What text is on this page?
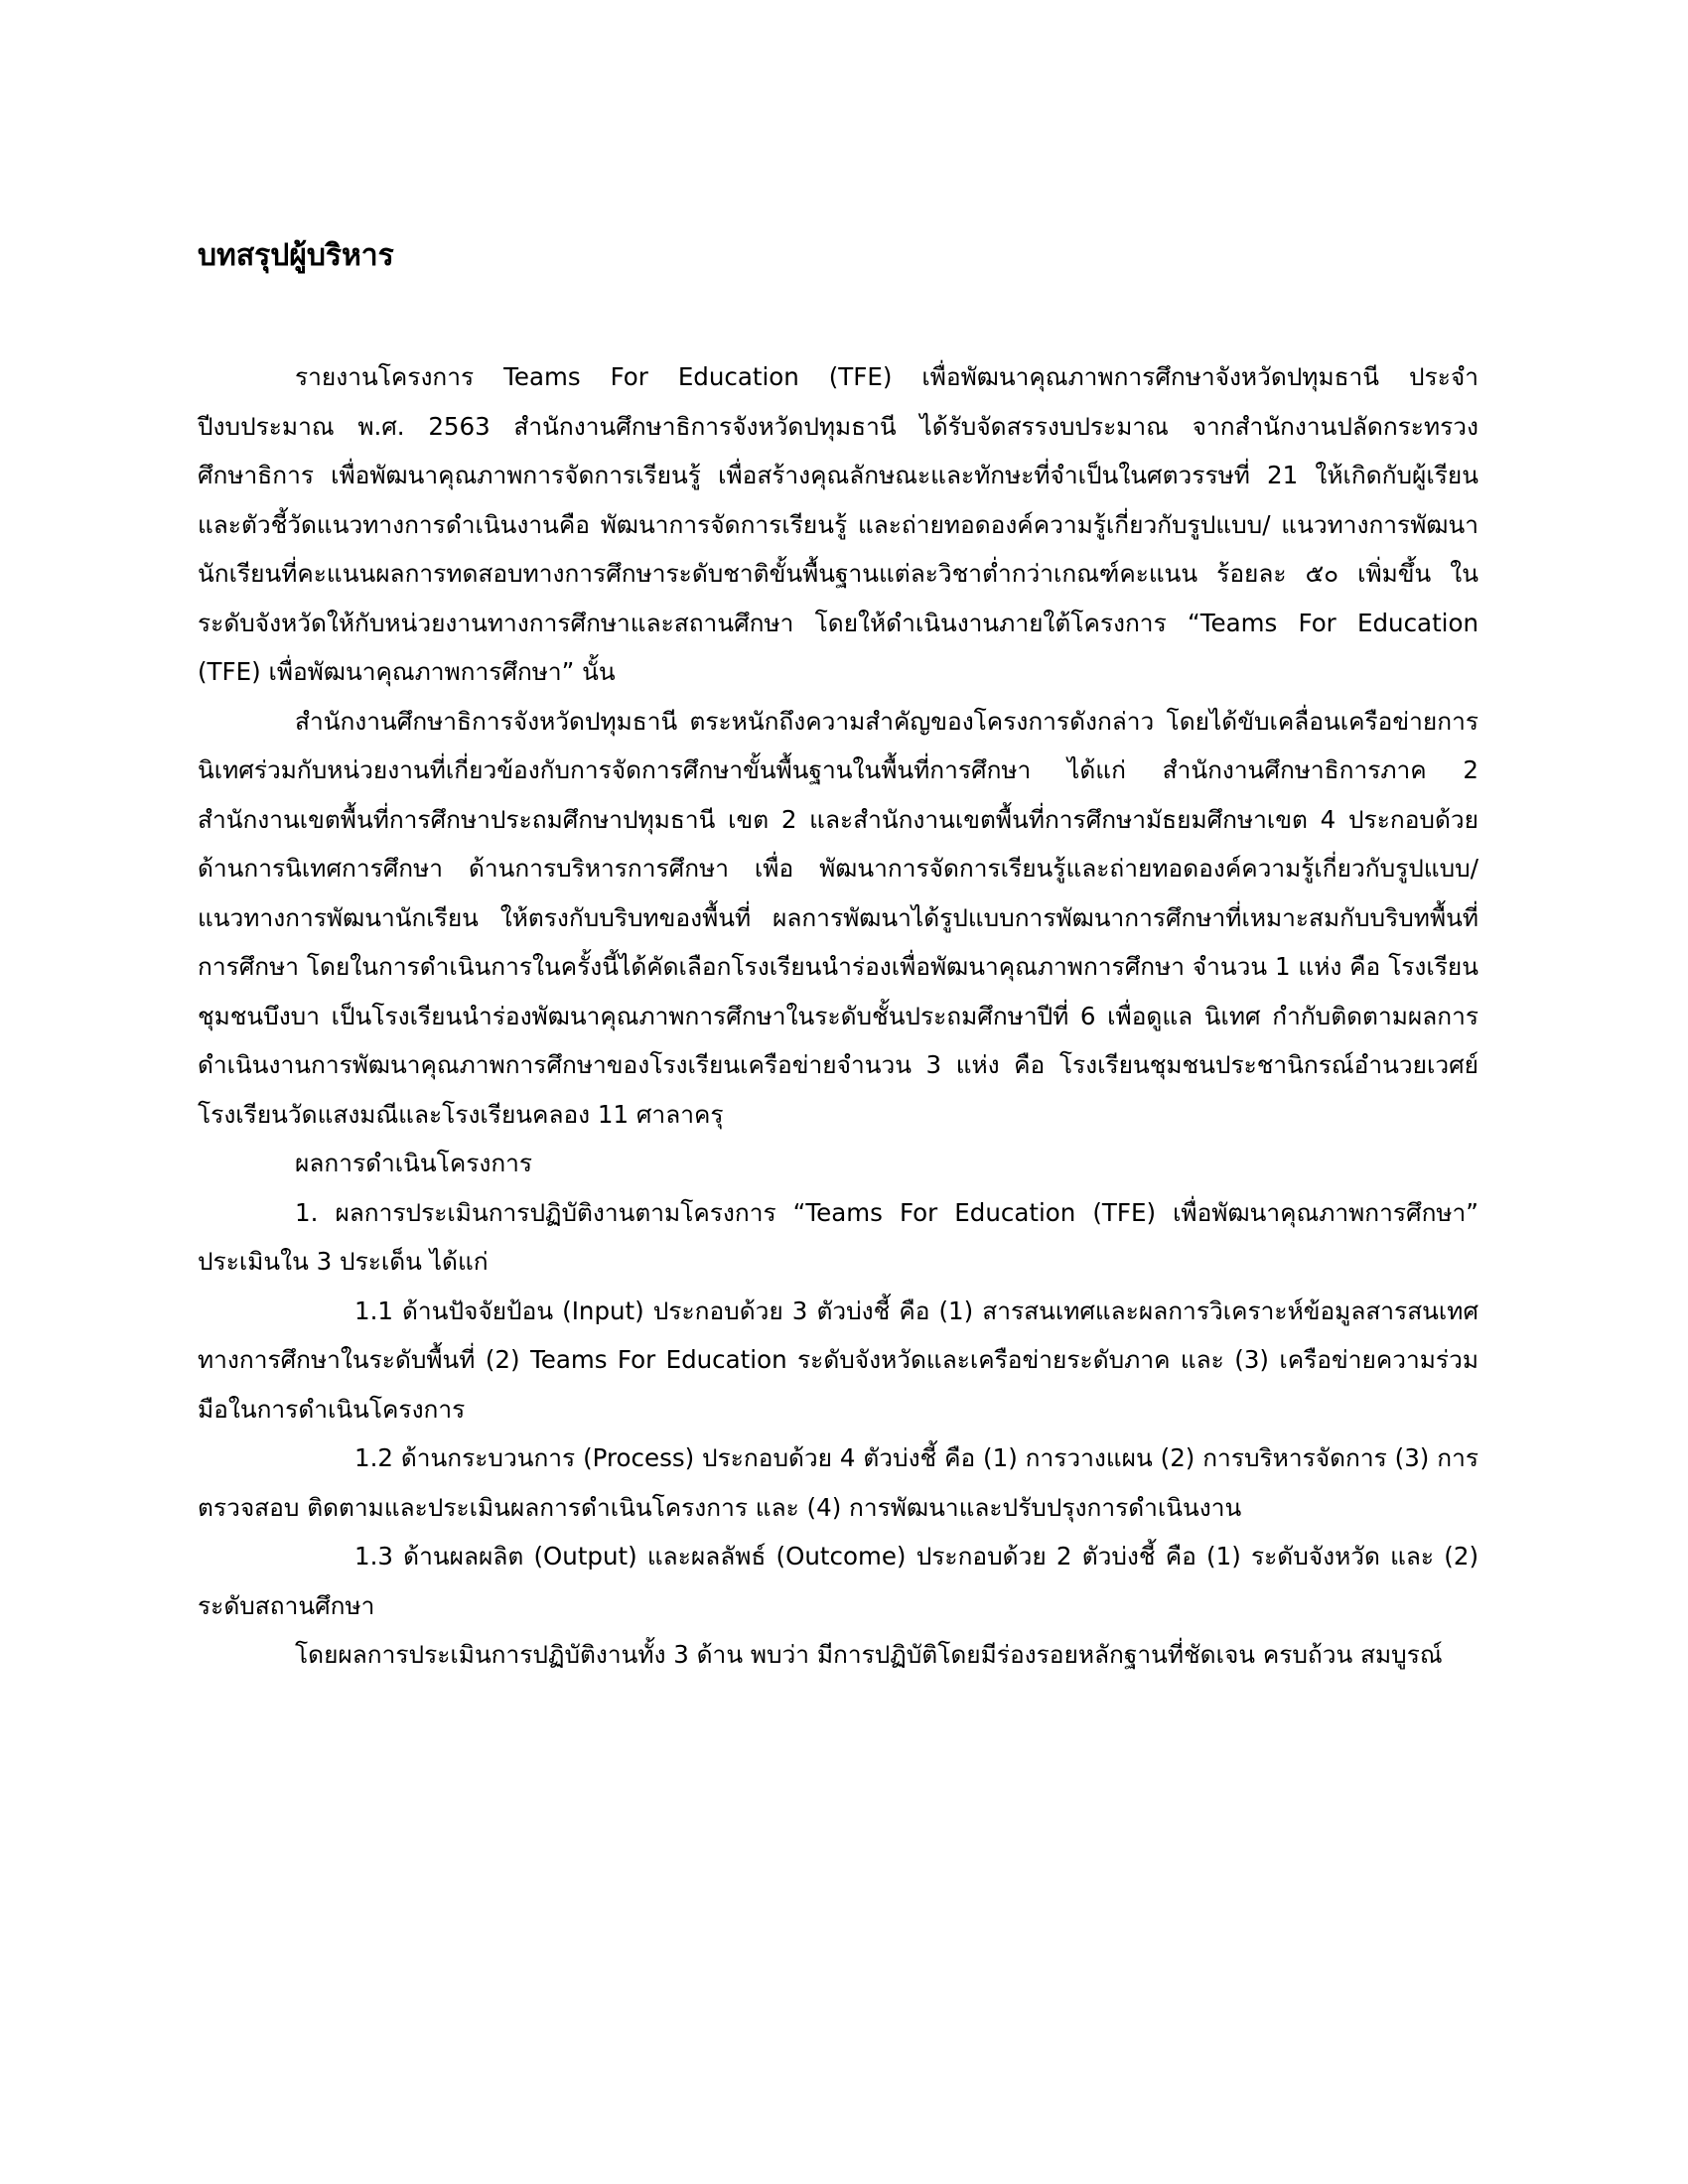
บทสรุปผู้บริหาร

รายงานโครงการ Teams For Education (TFE) เพื่อพัฒนาคุณภาพการศึกษาจังหวัดปทุมธานี ประจำปีงบประมาณ พ.ศ. 2563 สำนักงานศึกษาธิการจังหวัดปทุมธานี ได้รับจัดสรรงบประมาณ จากสำนักงานปลัดกระทรวงศึกษาธิการ เพื่อพัฒนาคุณภาพการจัดการเรียนรู้ เพื่อสร้างคุณลักษณะและทักษะที่จำเป็นในศตวรรษที่ 21 ให้เกิดกับผู้เรียน และตัวชี้วัดแนวทางการดำเนินงานคือ พัฒนาการจัดการเรียนรู้ และถ่ายทอดองค์ความรู้เกี่ยวกับรูปแบบ/ แนวทางการพัฒนานักเรียนที่คะแนนผลการทดสอบทางการศึกษาระดับชาติขั้นพื้นฐานแต่ละวิชาต่ำกว่าเกณฑ์คะแนน ร้อยละ ๕๐ เพิ่มขึ้น ในระดับจังหวัดให้กับหน่วยงานทางการศึกษาและสถานศึกษา โดยให้ดำเนินงานภายใต้โครงการ “Teams For Education (TFE) เพื่อพัฒนาคุณภาพการศึกษา” นั้น

สำนักงานศึกษาธิการจังหวัดปทุมธานี ตระหนักถึงความสำคัญของโครงการดังกล่าว โดยได้ขับเคลื่อนเครือข่ายการนิเทศร่วมกับหน่วยงานที่เกี่ยวข้องกับการจัดการศึกษาขั้นพื้นฐานในพื้นที่การศึกษา ได้แก่ สำนักงานศึกษาธิการภาค 2 สำนักงานเขตพื้นที่การศึกษาประถมศึกษาปทุมธานี เขต 2 และสำนักงานเขตพื้นที่การศึกษามัธยมศึกษาเขต 4 ประกอบด้วย ด้านการนิเทศการศึกษา ด้านการบริหารการศึกษา เพื่อ พัฒนาการจัดการเรียนรู้และถ่ายทอดองค์ความรู้เกี่ยวกับรูปแบบ/ แนวทางการพัฒนานักเรียน ให้ตรงกับบริบทของพื้นที่ ผลการพัฒนาได้รูปแบบการพัฒนาการศึกษาที่เหมาะสมกับบริบทพื้นที่การศึกษา โดยในการดำเนินการในครั้งนี้ได้คัดเลือกโรงเรียนนำร่องเพื่อพัฒนาคุณภาพการศึกษา จำนวน 1 แห่ง คือ โรงเรียนชุมชนบึงบา เป็นโรงเรียนนำร่องพัฒนาคุณภาพการศึกษาในระดับชั้นประถมศึกษาปีที่ 6 เพื่อดูแล นิเทศ กำกับติดตามผลการดำเนินงานการพัฒนาคุณภาพการศึกษาของโรงเรียนเครือข่ายจำนวน 3 แห่ง คือ โรงเรียนชุมชนประชานิกรณ์อำนวยเวศย์ โรงเรียนวัดแสงมณีและโรงเรียนคลอง 11 ศาลาครุ

ผลการดำเนินโครงการ

1. ผลการประเมินการปฏิบัติงานตามโครงการ “Teams For Education (TFE) เพื่อพัฒนาคุณภาพการศึกษา” ประเมินใน 3 ประเด็น ได้แก่

1.1 ด้านปัจจัยป้อน (Input) ประกอบด้วย 3 ตัวบ่งชี้ คือ (1) สารสนเทศและผลการวิเคราะห์ข้อมูลสารสนเทศทางการศึกษาในระดับพื้นที่ (2) Teams For Education ระดับจังหวัดและเครือข่ายระดับภาค และ (3) เครือข่ายความร่วมมือในการดำเนินโครงการ

1.2 ด้านกระบวนการ (Process) ประกอบด้วย 4 ตัวบ่งชี้ คือ (1) การวางแผน (2) การบริหารจัดการ (3) การตรวจสอบ ติดตามและประเมินผลการดำเนินโครงการ และ (4) การพัฒนาและปรับปรุงการดำเนินงาน

1.3 ด้านผลผลิต (Output) และผลลัพธ์ (Outcome) ประกอบด้วย 2 ตัวบ่งชี้ คือ (1) ระดับจังหวัด และ (2) ระดับสถานศึกษา

โดยผลการประเมินการปฏิบัติงานทั้ง 3 ด้าน พบว่า มีการปฏิบัติโดยมีร่องรอยหลักฐานที่ชัดเจน ครบถ้วน สมบูรณ์
